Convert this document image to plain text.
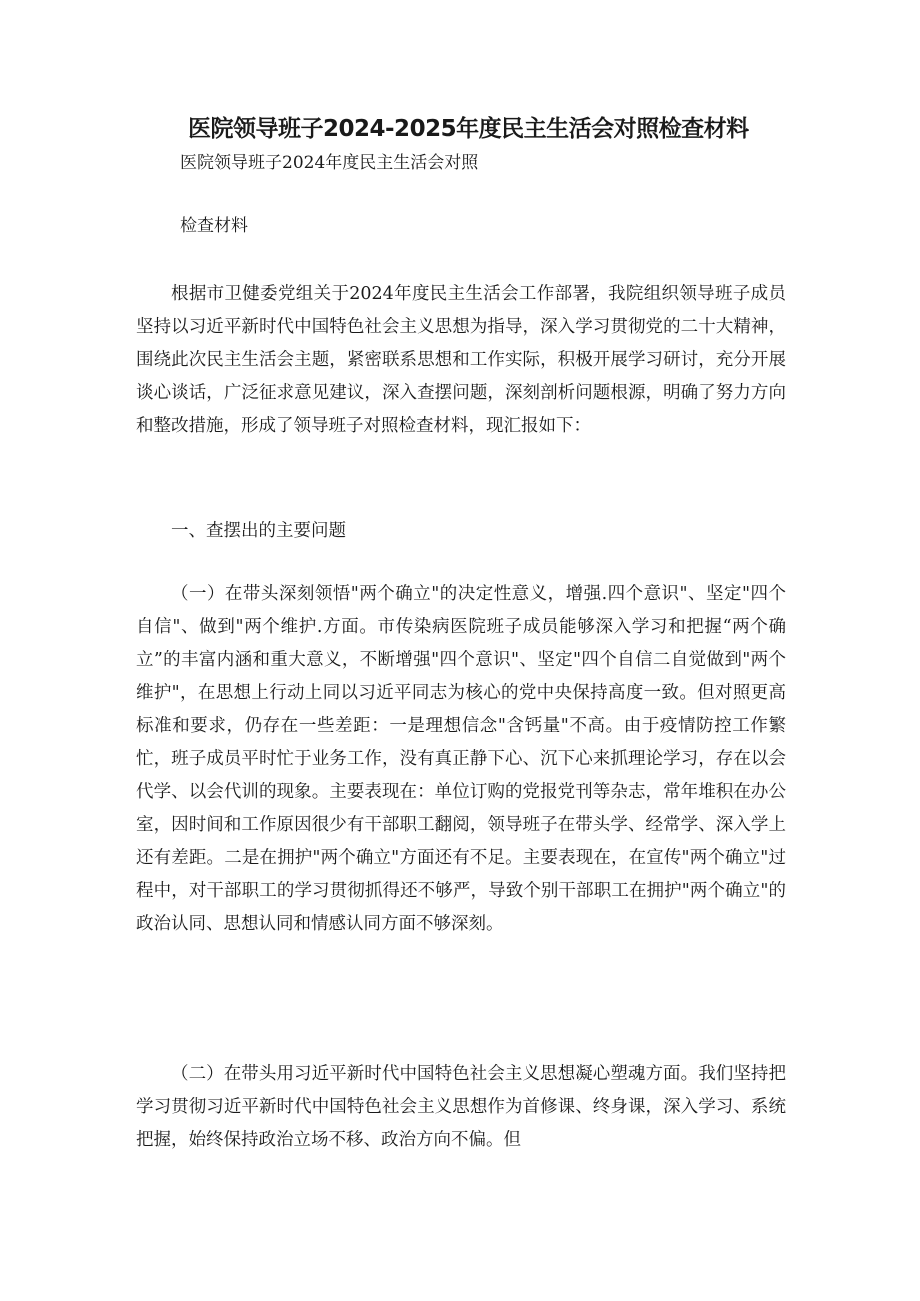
医院领导班子2024-2025年度民主生活会对照检查材料

医院领导班子2024年度民主生活会对照

检查材料

根据市卫健委党组关于2024年度民主生活会工作部署，我院组织领导班子成员坚持以习近平新时代中国特色社会主义思想为指导，深入学习贯彻党的二十大精神，围绕此次民主生活会主题，紧密联系思想和工作实际，积极开展学习研讨，充分开展谈心谈话，广泛征求意见建议，深入查摆问题，深刻剖析问题根源，明确了努力方向和整改措施，形成了领导班子对照检查材料，现汇报如下：

一、查摆出的主要问题

（一）在带头深刻领悟"两个确立"的决定性意义，增强.四个意识"、坚定"四个自信"、做到"两个维护.方面。市传染病医院班子成员能够深入学习和把握“两个确立”的丰富内涵和重大意义，不断增强"四个意识"、坚定"四个自信二自觉做到"两个维护"，在思想上行动上同以习近平同志为核心的党中央保持高度一致。但对照更高标准和要求，仍存在一些差距：一是理想信念"含钙量"不高。由于疫情防控工作繁忙，班子成员平时忙于业务工作，没有真正静下心、沉下心来抓理论学习，存在以会代学、以会代训的现象。主要表现在：单位订购的党报党刊等杂志，常年堆积在办公室，因时间和工作原因很少有干部职工翻阅，领导班子在带头学、经常学、深入学上还有差距。二是在拥护"两个确立"方面还有不足。主要表现在，在宣传"两个确立"过程中，对干部职工的学习贯彻抓得还不够严，导致个别干部职工在拥护"两个确立"的政治认同、思想认同和情感认同方面不够深刻。

（二）在带头用习近平新时代中国特色社会主义思想凝心塑魂方面。我们坚持把学习贯彻习近平新时代中国特色社会主义思想作为首修课、终身课，深入学习、系统把握，始终保持政治立场不移、政治方向不偏。但
